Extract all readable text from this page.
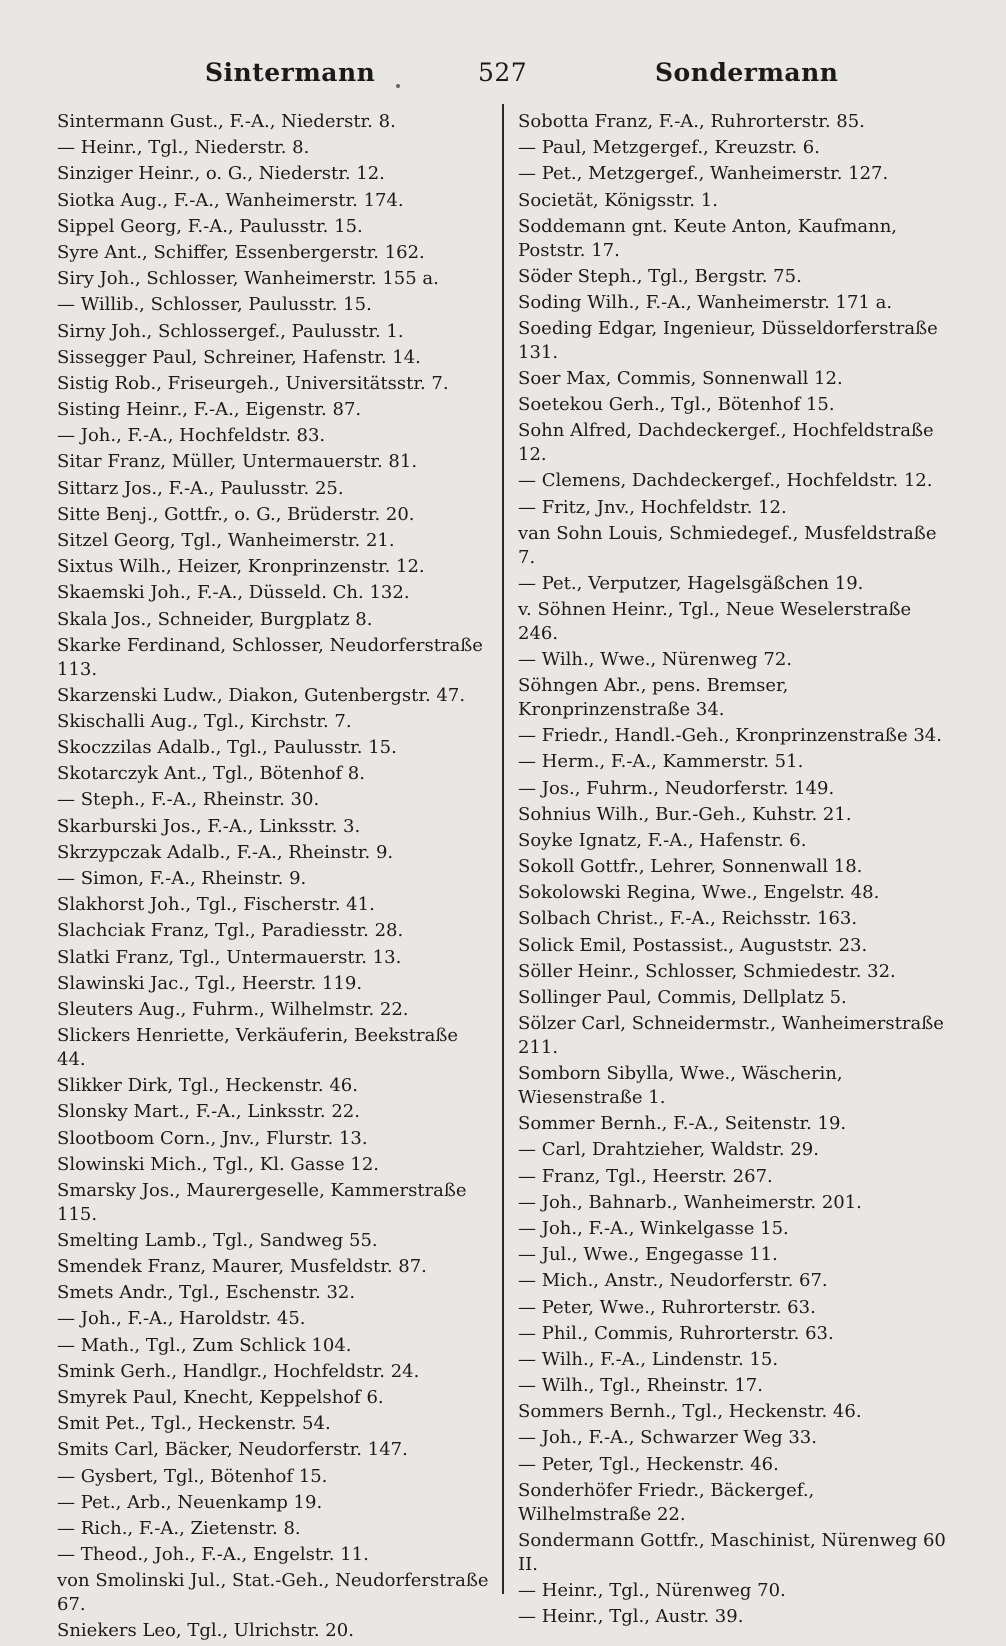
Sintermann	527	Sondermann
Sintermann Gust., F.-A., Niederstr. 8.
— Heinr., Tgl., Niederstr. 8.
Sinziger Heinr., o. G., Niederstr. 12.
Siotka Aug., F.-A., Wanheimerstr. 174.
Sippel Georg, F.-A., Paulusstr. 15.
Syre Ant., Schiffer, Essenbergerstr. 162.
Siry Joh., Schlosser, Wanheimerstr. 155 a.
— Willib., Schlosser, Paulusstr. 15.
Sirny Joh., Schlossergef., Paulusstr. 1.
Sissegger Paul, Schreiner, Hafenstr. 14.
Sistig Rob., Friseurgeh., Universitätsstr. 7.
Sisting Heinr., F.-A., Eigenstr. 87.
— Joh., F.-A., Hochfeldstr. 83.
Sitar Franz, Müller, Untermauerstr. 81.
Sittarz Jos., F.-A., Paulusstr. 25.
Sitte Benj., Gottfr., o. G., Brüderstr. 20.
Sitzel Georg, Tgl., Wanheimerstr. 21.
Sixtus Wilh., Heizer, Kronprinzenstr. 12.
Skaemski Joh., F.-A., Düsseld. Ch. 132.
Skala Jos., Schneider, Burgplatz 8.
Skarke Ferdinand, Schlosser, Neudorferstraße 113.
Skarzenski Ludw., Diakon, Gutenbergstr. 47.
Skischalli Aug., Tgl., Kirchstr. 7.
Skoczzilas Adalb., Tgl., Paulusstr. 15.
Skotarczyk Ant., Tgl., Bötenhof 8.
— Steph., F.-A., Rheinstr. 30.
Skarburski Jos., F.-A., Linksstr. 3.
Skrzypczak Adalb., F.-A., Rheinstr. 9.
— Simon, F.-A., Rheinstr. 9.
Slakhorst Joh., Tgl., Fischerstr. 41.
Slachciak Franz, Tgl., Paradiesstr. 28.
Slatki Franz, Tgl., Untermauerstr. 13.
Slawinski Jac., Tgl., Heerstr. 119.
Sleuters Aug., Fuhrm., Wilhelmstr. 22.
Slickers Henriette, Verkäuferin, Beekstraße 44.
Slikker Dirk, Tgl., Heckenstr. 46.
Slonsky Mart., F.-A., Linksstr. 22.
Slootboom Corn., Jnv., Flurstr. 13.
Slowinski Mich., Tgl., Kl. Gasse 12.
Smarsky Jos., Maurergeselle, Kammerstraße 115.
Smelting Lamb., Tgl., Sandweg 55.
Smendek Franz, Maurer, Musfeldstr. 87.
Smets Andr., Tgl., Eschenstr. 32.
— Joh., F.-A., Haroldstr. 45.
— Math., Tgl., Zum Schlick 104.
Smink Gerh., Handlgr., Hochfeldstr. 24.
Smyrek Paul, Knecht, Keppelshof 6.
Smit Pet., Tgl., Heckenstr. 54.
Smits Carl, Bäcker, Neudorferstr. 147.
— Gysbert, Tgl., Bötenhof 15.
— Pet., Arb., Neuenkamp 19.
— Rich., F.-A., Zietenstr. 8.
— Theod., Joh., F.-A., Engelstr. 11.
von Smolinski Jul., Stat.-Geh., Neudorferstraße 67.
Sniekers Leo, Tgl., Ulrichstr. 20.
Sobotta Franz, F.-A., Ruhrorterstr. 85.
— Paul, Metzgergef., Kreuzstr. 6.
— Pet., Metzgergef., Wanheimerstr. 127.
Societät, Königsstr. 1.
Soddemann gnt. Keute Anton, Kaufmann, Poststr. 17.
Söder Steph., Tgl., Bergstr. 75.
Soding Wilh., F.-A., Wanheimerstr. 171 a.
Soeding Edgar, Ingenieur, Düsseldorferstraße 131.
Soer Max, Commis, Sonnenwall 12.
Soetekou Gerh., Tgl., Bötenhof 15.
Sohn Alfred, Dachdeckergef., Hochfeldstraße 12.
— Clemens, Dachdeckergef., Hochfeldstr. 12.
— Fritz, Jnv., Hochfeldstr. 12.
van Sohn Louis, Schmiedegef., Musfeldstraße 7.
— Pet., Verputzer, Hagelsgäßchen 19.
v. Söhnen Heinr., Tgl., Neue Weselerstraße 246.
— Wilh., Wwe., Nürenweg 72.
Söhngen Abr., pens. Bremser, Kronprinzenstraße 34.
— Friedr., Handl.-Geh., Kronprinzenstraße 34.
— Herm., F.-A., Kammerstr. 51.
— Jos., Fuhrm., Neudorferstr. 149.
Sohnius Wilh., Bur.-Geh., Kuhstr. 21.
Soyke Ignatz, F.-A., Hafenstr. 6.
Sokoll Gottfr., Lehrer, Sonnenwall 18.
Sokolowski Regina, Wwe., Engelstr. 48.
Solbach Christ., F.-A., Reichsstr. 163.
Solick Emil, Postassist., Auguststr. 23.
Söller Heinr., Schlosser, Schmiedestr. 32.
Sollinger Paul, Commis, Dellplatz 5.
Sölzer Carl, Schneidermstr., Wanheimerstraße 211.
Somborn Sibylla, Wwe., Wäscherin, Wiesenstraße 1.
Sommer Bernh., F.-A., Seitenstr. 19.
— Carl, Drahtzieher, Waldstr. 29.
— Franz, Tgl., Heerstr. 267.
— Joh., Bahnarb., Wanheimerstr. 201.
— Joh., F.-A., Winkelgasse 15.
— Jul., Wwe., Engegasse 11.
— Mich., Anstr., Neudorferstr. 67.
— Peter, Wwe., Ruhrorterstr. 63.
— Phil., Commis, Ruhrorterstr. 63.
— Wilh., F.-A., Lindenstr. 15.
— Wilh., Tgl., Rheinstr. 17.
Sommers Bernh., Tgl., Heckenstr. 46.
— Joh., F.-A., Schwarzer Weg 33.
— Peter, Tgl., Heckenstr. 46.
Sonderhöfer Friedr., Bäckergef., Wilhelmstraße 22.
Sondermann Gottfr., Maschinist, Nürenweg 60 II.
— Heinr., Tgl., Nürenweg 70.
— Heinr., Tgl., Austr. 39.
